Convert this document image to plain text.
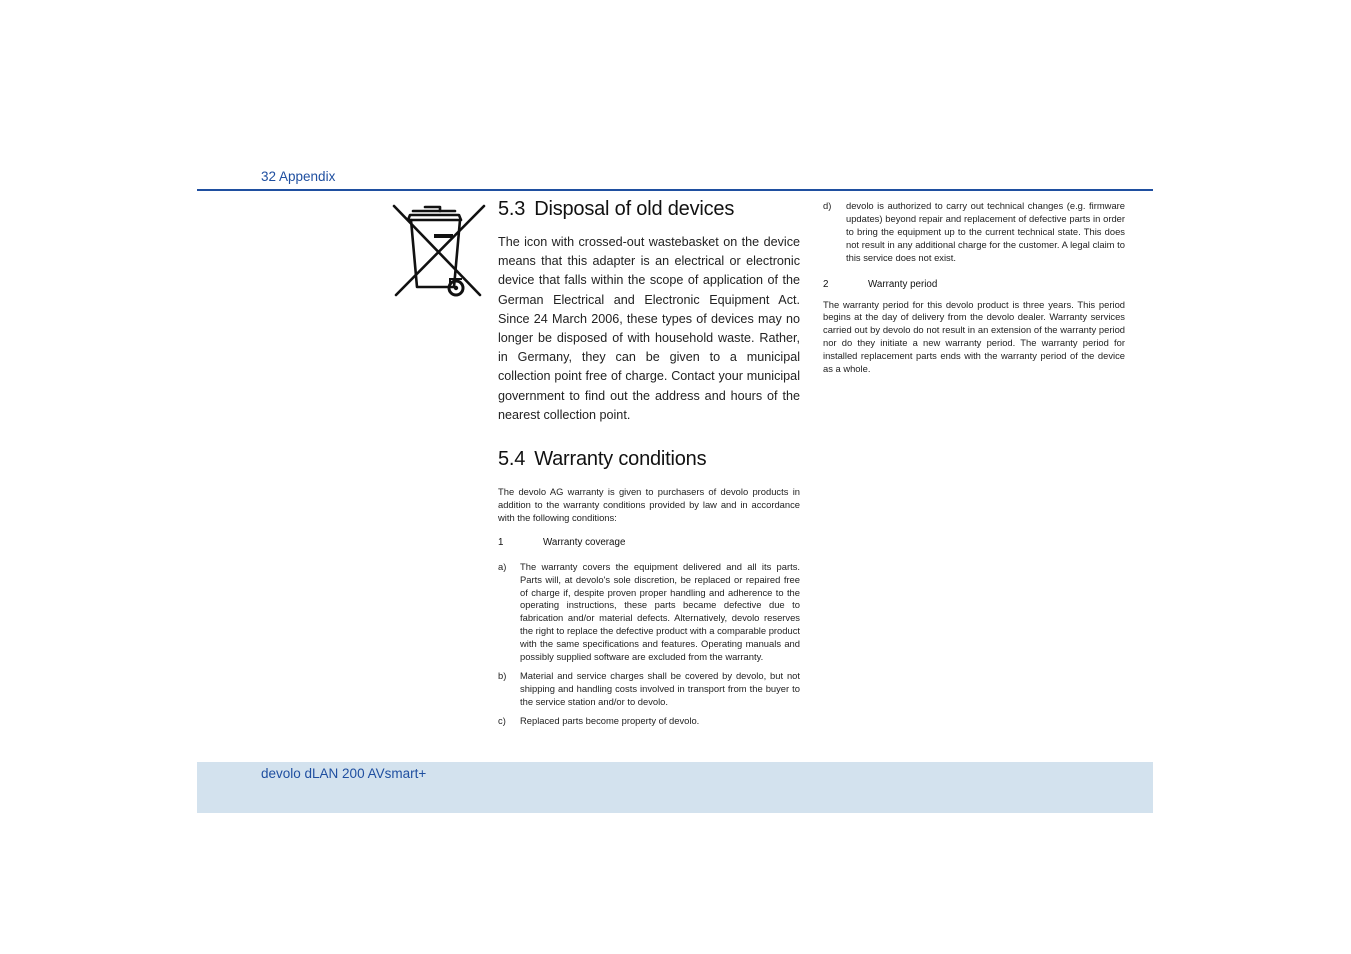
32 Appendix
5.3 Disposal of old devices

The icon with crossed-out wastebasket on the device means that this adapter is an electrical or electronic device that falls within the scope of application of the German Electrical and Electronic Equipment Act. Since 24 March 2006, these types of devices may no longer be disposed of with household waste. Rather, in Germany, they can be given to a municipal collection point free of charge. Contact your municipal government to find out the address and hours of the nearest collection point.

5.4 Warranty conditions

The devolo AG warranty is given to purchasers of devolo products in addition to the warranty conditions provided by law and in accordance with the following conditions:

1	Warranty coverage
a)	The warranty covers the equipment delivered and all its parts. Parts will, at devolo's sole discretion, be replaced or repaired free of charge if, despite proven proper handling and adherence to the operating instructions, these parts became defective due to fabrication and/or material defects. Alternatively, devolo reserves the right to replace the defective product with a comparable product with the same specifications and features. Operating manuals and possibly supplied software are excluded from the warranty.
b)	Material and service charges shall be covered by devolo, but not shipping and handling costs involved in transport from the buyer to the service station and/or to devolo.
c)	Replaced parts become property of devolo.
d)	devolo is authorized to carry out technical changes (e.g. firmware updates) beyond repair and replacement of defective parts in order to bring the equipment up to the current technical state. This does not result in any additional charge for the customer. A legal claim to this service does not exist.
2	Warranty period

The warranty period for this devolo product is three years. This period begins at the day of delivery from the devolo dealer. Warranty services carried out by devolo do not result in an extension of the warranty period nor do they initiate a new warranty period. The warranty period for installed replacement parts ends with the warranty period of the device as a whole.

devolo dLAN 200 AVsmart+
